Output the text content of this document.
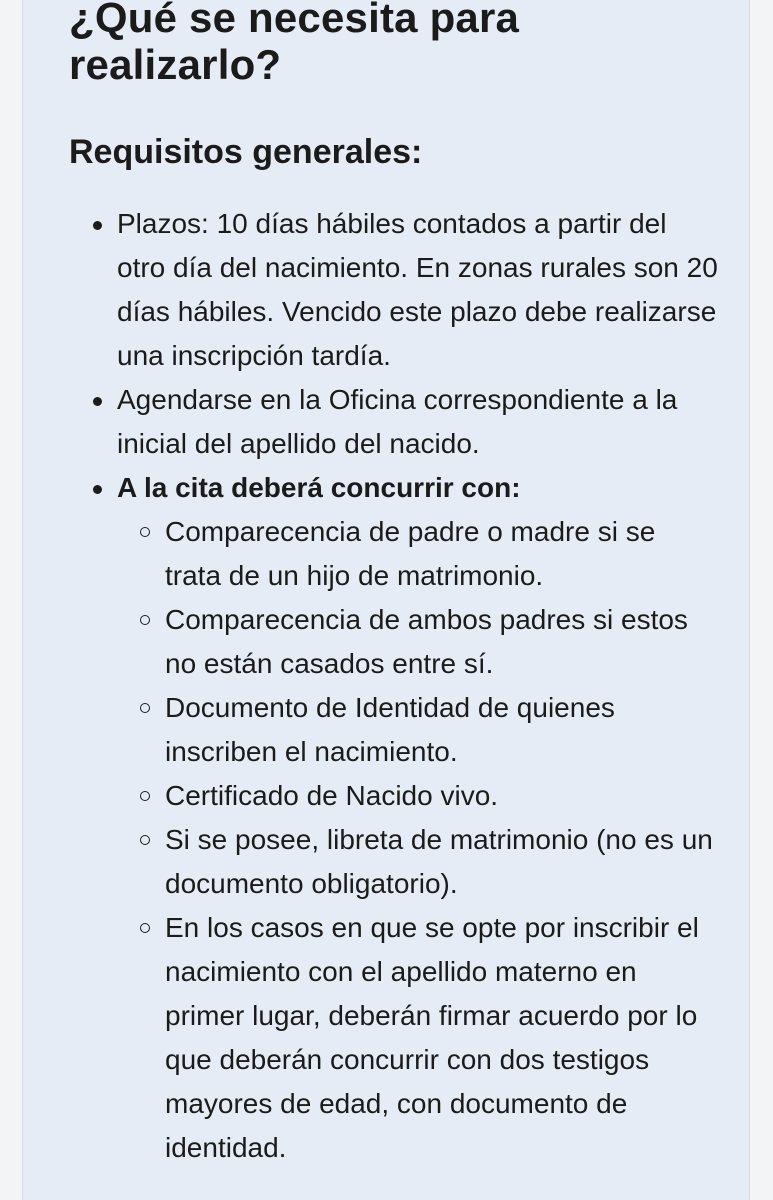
¿Qué se necesita para
realizarlo?
Requisitos generales:
Plazos: 10 días hábiles contados a partir del otro día del nacimiento. En zonas rurales son 20 días hábiles. Vencido este plazo debe realizarse una inscripción tardía.
Agendarse en la Oficina correspondiente a la inicial del apellido del nacido.
A la cita deberá concurrir con:
Comparecencia de padre o madre si se trata de un hijo de matrimonio.
Comparecencia de ambos padres si estos no están casados entre sí.
Documento de Identidad de quienes inscriben el nacimiento.
Certificado de Nacido vivo.
Si se posee, libreta de matrimonio (no es un documento obligatorio).
En los casos en que se opte por inscribir el nacimiento con el apellido materno en primer lugar, deberán firmar acuerdo por lo que deberán concurrir con dos testigos mayores de edad, con documento de identidad.
